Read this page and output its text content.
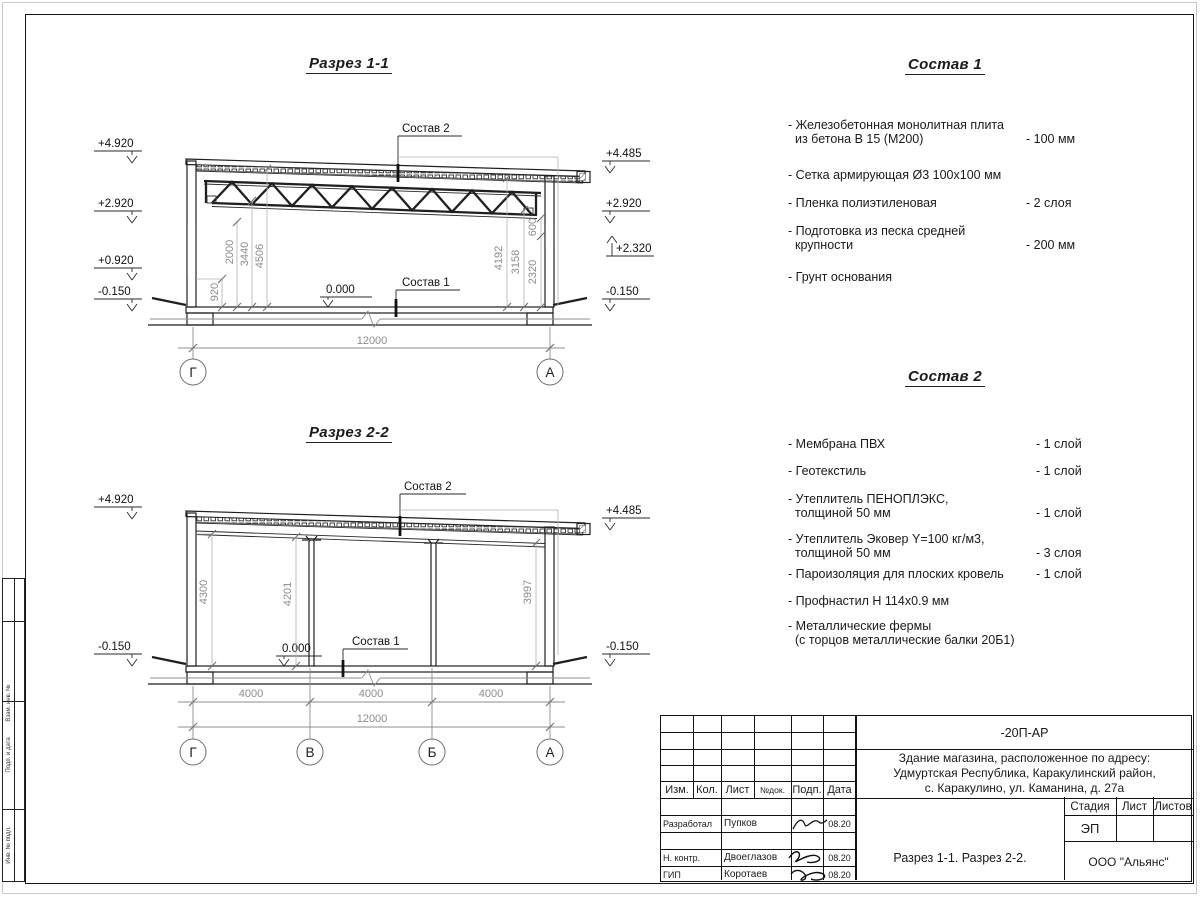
Разрез 1-1
Разрез 2-2
Состав 1
Состав 2
Состав 2
Состав 1
0.000
+4.920
+2.920
+0.920
-0.150
+4.485
+2.920
+2.320
-0.150
920
2000 3440 4506	4192 3158 2320
600
12000
Г	А
Состав 2
Состав 1
0.000
+4.920
-0.150
+4.485
-0.150
4300	4201	3997
4000	4000	4000
12000
Г	В	Б	А
- Железобетонная монолитная плита
из бетона В 15 (М200)	- 100 мм
- Сетка армирующая Ø3 100х100 мм
- Пленка полиэтиленовая	- 2 слоя
- Подготовка из песка средней
крупности	- 200 мм
- Грунт основания
- Мембрана ПВХ	- 1 слой
- Геотекстиль	- 1 слой
- Утеплитель ПЕНОПЛЭКС,
толщиной 50 мм	- 1 слой
- Утеплитель Эковер Y=100 кг/м3,
толщиной 50 мм	- 3 слоя
- Пароизоляция для плоских кровель	- 1 слой
- Профнастил Н 114х0.9 мм
- Металлические фермы
(с торцов металлические балки 20Б1)
Изм. Кол. Лист	№док. Подп. Дата
Разработал	Пупков	08.20
Н. контр.	Двоеглазов	08.20
ГИП	Коротаев	08.20
-20П-АР
Здание магазина, расположенное по адресу:
Удмуртская Республика, Каракулинский район,
с. Каракулино, ул. Каманина, д. 27а
Стадия	Лист Листов
ЭП
Разрез 1-1. Разрез 2-2.	ООО "Альянс"
Взам. инв. №
Подп. и дата
Инв. № подл.
